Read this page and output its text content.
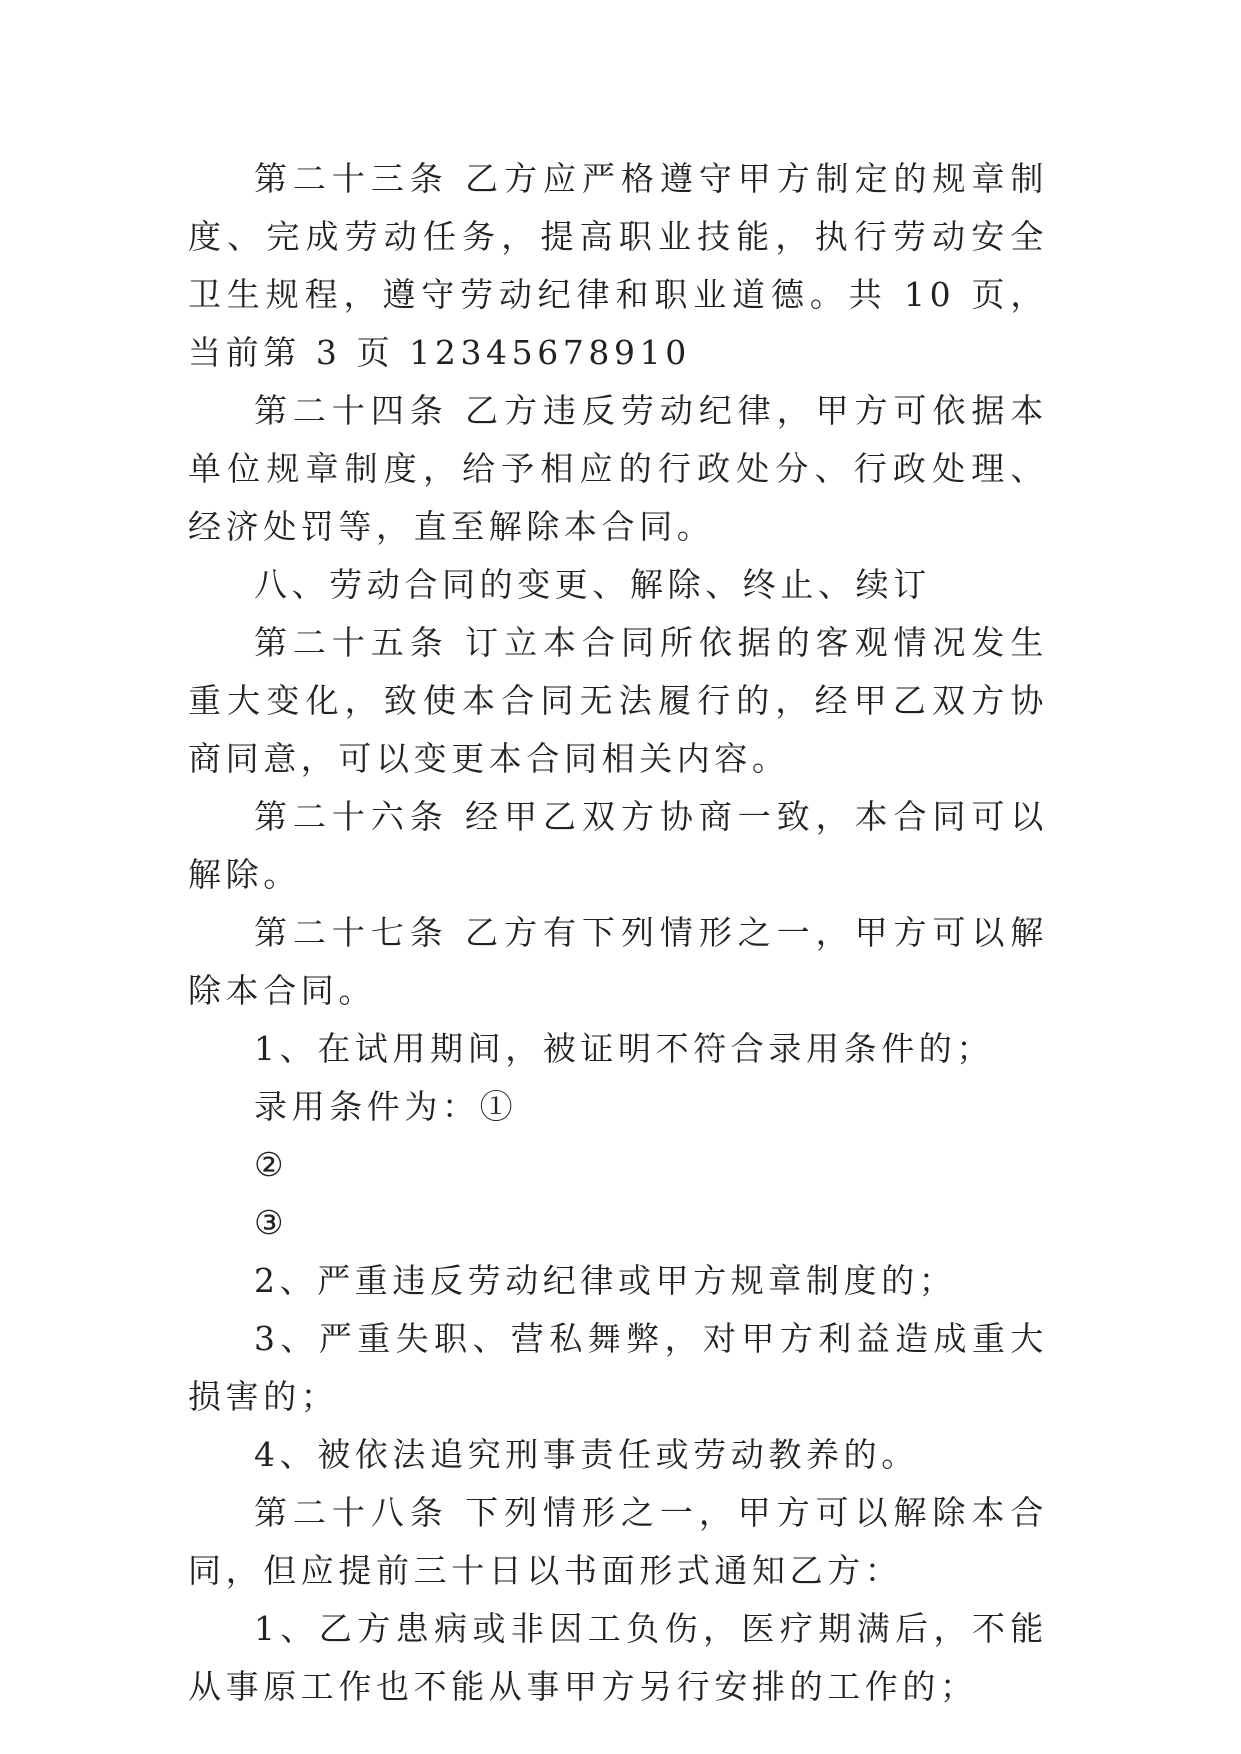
第二十三条 乙方应严格遵守甲方制定的规章制度、完成劳动任务，提高职业技能，执行劳动安全卫生规程，遵守劳动纪律和职业道德。共 10 页，当前第 3 页 12345678910

第二十四条 乙方违反劳动纪律，甲方可依据本单位规章制度，给予相应的行政处分、行政处理、经济处罚等，直至解除本合同。

八、劳动合同的变更、解除、终止、续订

第二十五条 订立本合同所依据的客观情况发生重大变化，致使本合同无法履行的，经甲乙双方协商同意，可以变更本合同相关内容。

第二十六条 经甲乙双方协商一致，本合同可以解除。

第二十七条 乙方有下列情形之一，甲方可以解除本合同。

1、在试用期间，被证明不符合录用条件的；

录用条件为：①

②

③

2、严重违反劳动纪律或甲方规章制度的；

3、严重失职、营私舞弊，对甲方利益造成重大损害的；

4、被依法追究刑事责任或劳动教养的。

第二十八条 下列情形之一，甲方可以解除本合同，但应提前三十日以书面形式通知乙方：

1、乙方患病或非因工负伤，医疗期满后，不能从事原工作也不能从事甲方另行安排的工作的；
